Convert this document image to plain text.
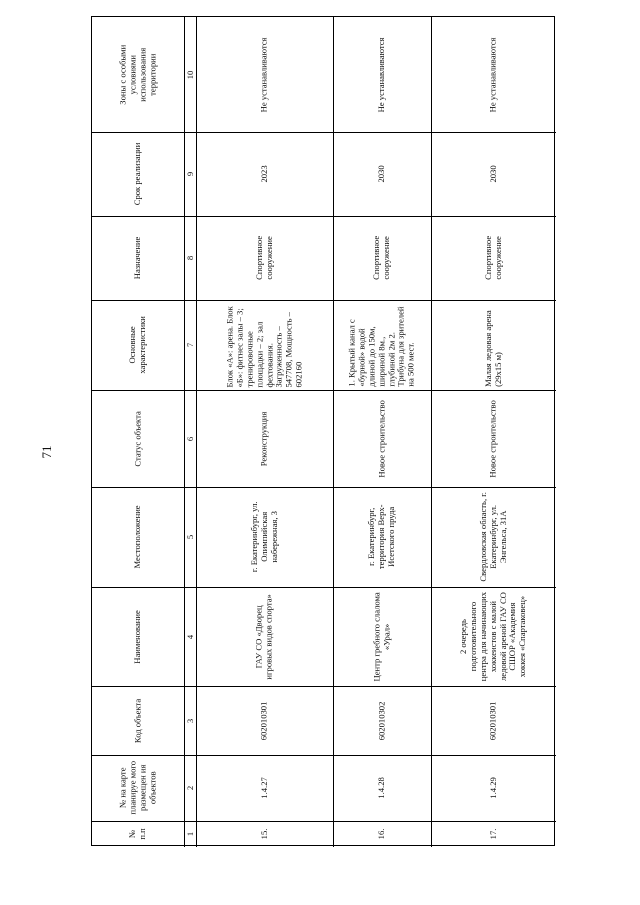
71
№ п.п	1	15.	16.	17.
№ на карте планируе мого размещен ия объектов	2	1.4.27	1.4.28	1.4.29
Код объекта	3	602010301	602010302	602010301
Наименование	4	ГАУ СО «Дворец игровых видов спорта»	Центр гребного слалома «Урал»	2 очередь подготовительного центра для начинающих хоккеистов с малой ледовой ареной ГАУ СО СШОР «Академия хоккея «Спартаковец»
Местоположение	5	г. Екатеринбург, ул. Олимпийская набережная, 3	г. Екатеринбург, территория Верх-Исетского пруда	Свердловская область, г. Екатеринбург, ул. Энгельса, 31А
Статус объекта	6	Реконструкция	Новое строительство	Новое строительство
Основные характеристики	7	Блок «А»: арена. Блок «Б»: фитнес залы – 3; тренировочные площадки – 2; зал фехтования. Загруженность – 547708, Мощность – 602160	1. Крытый канал с «бурной» водой длиной до 150м, шириной 8м., глубиной 2м 2. Трибуна для зрителей на 500 мест.	Малая ледовая арена (29х15 м)
Назначение	8	Спортивное сооружение	Спортивное сооружение	Спортивное сооружение
Срок реализации	9	2023	2030	2030
Зоны с особыми условиями использования территории	10	Не устанавливаются	Не устанавливаются	Не устанавливаются
